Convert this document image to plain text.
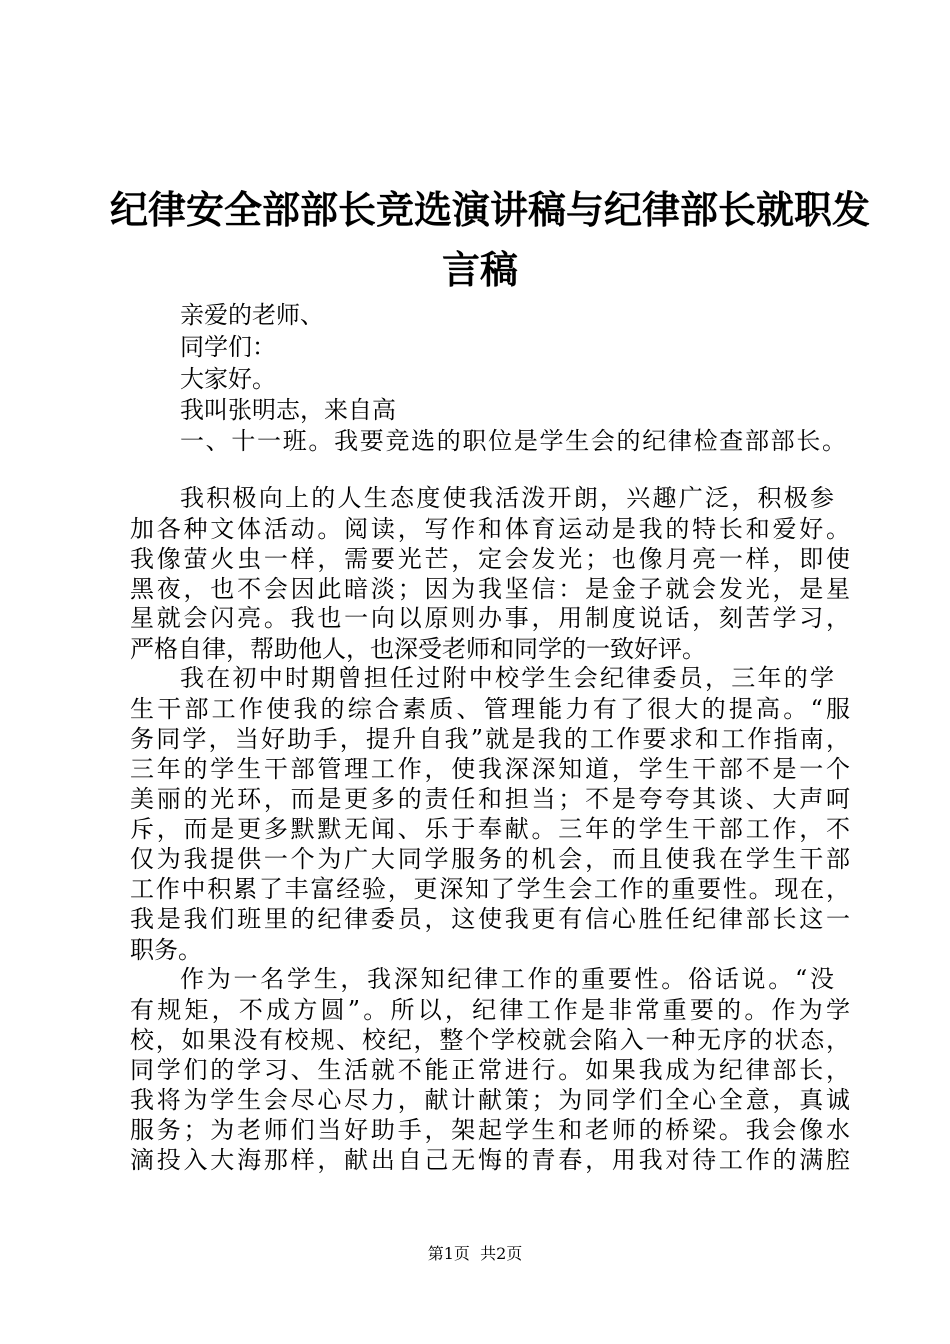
纪律安全部部长竞选演讲稿与纪律部长就职发
言稿
亲爱的老师、
同学们：
大家好。
我叫张明志，来自高
一、十一班。我要竞选的职位是学生会的纪律检查部部长。
我积极向上的人生态度使我活泼开朗，兴趣广泛，积极参
加各种文体活动。阅读，写作和体育运动是我的特长和爱好。
我像萤火虫一样，需要光芒，定会发光；也像月亮一样，即使
黑夜，也不会因此暗淡；因为我坚信：是金子就会发光，是星
星就会闪亮。我也一向以原则办事，用制度说话，刻苦学习，
严格自律，帮助他人，也深受老师和同学的一致好评。
我在初中时期曾担任过附中校学生会纪律委员，三年的学
生干部工作使我的综合素质、管理能力有了很大的提高。“服
务同学，当好助手，提升自我”就是我的工作要求和工作指南，
三年的学生干部管理工作，使我深深知道，学生干部不是一个
美丽的光环，而是更多的责任和担当；不是夸夸其谈、大声呵
斥，而是更多默默无闻、乐于奉献。三年的学生干部工作，不
仅为我提供一个为广大同学服务的机会，而且使我在学生干部
工作中积累了丰富经验，更深知了学生会工作的重要性。现在，
我是我们班里的纪律委员，这使我更有信心胜任纪律部长这一
职务。
作为一名学生，我深知纪律工作的重要性。俗话说。“没
有规矩，不成方圆”。所以，纪律工作是非常重要的。作为学
校，如果没有校规、校纪，整个学校就会陷入一种无序的状态，
同学们的学习、生活就不能正常进行。如果我成为纪律部长，
我将为学生会尽心尽力，献计献策；为同学们全心全意，真诚
服务；为老师们当好助手，架起学生和老师的桥梁。我会像水
滴投入大海那样，献出自己无悔的青春，用我对待工作的满腔
第1页  共2页
